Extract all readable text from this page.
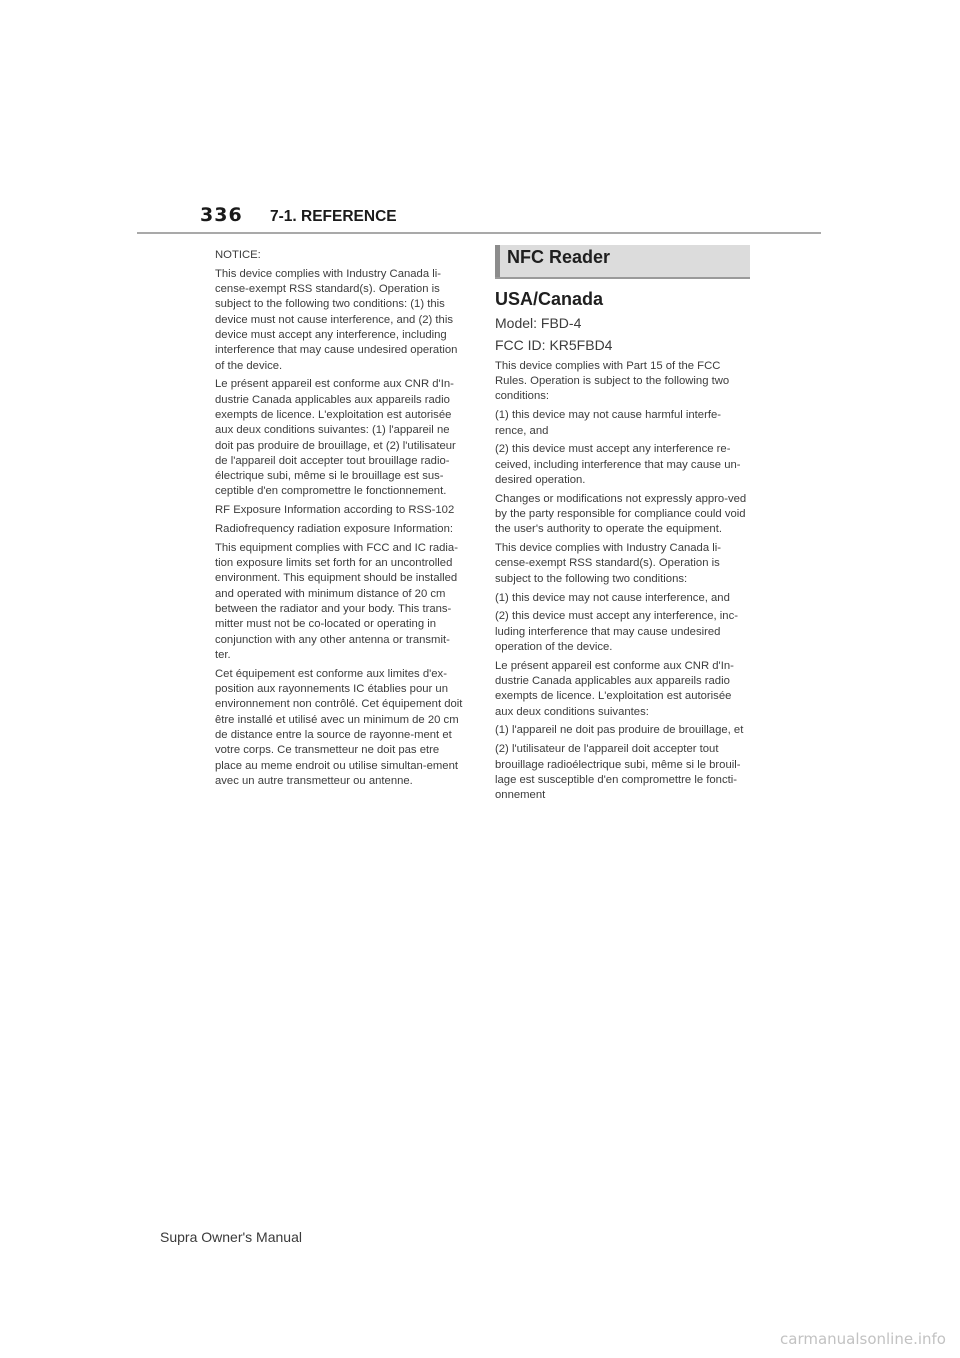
336 7-1. REFERENCE

NOTICE:

This device complies with Industry Canada li-cense-exempt RSS standard(s). Operation is subject to the following two conditions: (1) this device must not cause interference, and (2) this device must accept any interference, including interference that may cause undesired operation of the device.

Le présent appareil est conforme aux CNR d'In-dustrie Canada applicables aux appareils radio exempts de licence. L'exploitation est autorisée aux deux conditions suivantes: (1) l'appareil ne doit pas produire de brouillage, et (2) l'utilisateur de l'appareil doit accepter tout brouillage radio-électrique subi, même si le brouillage est sus-ceptible d'en compromettre le fonctionnement.

RF Exposure Information according to RSS-102

Radiofrequency radiation exposure Information:

This equipment complies with FCC and IC radia-tion exposure limits set forth for an uncontrolled environment. This equipment should be installed and operated with minimum distance of 20 cm between the radiator and your body. This trans-mitter must not be co-located or operating in conjunction with any other antenna or transmit-ter.

Cet équipement est conforme aux limites d'ex-position aux rayonnements IC établies pour un environnement non contrôlé. Cet équipement doit être installé et utilisé avec un minimum de 20 cm de distance entre la source de rayonne-ment et votre corps. Ce transmetteur ne doit pas etre place au meme endroit ou utilise simultan-ement avec un autre transmetteur ou antenne.

NFC Reader
USA/Canada
Model: FBD-4
FCC ID: KR5FBD4

This device complies with Part 15 of the FCC Rules. Operation is subject to the following two conditions:

(1) this device may not cause harmful interfe-rence, and

(2) this device must accept any interference re-ceived, including interference that may cause un-desired operation.

Changes or modifications not expressly appro-ved by the party responsible for compliance could void the user's authority to operate the equipment.

This device complies with Industry Canada li-cense-exempt RSS standard(s). Operation is subject to the following two conditions:

(1) this device may not cause interference, and

(2) this device must accept any interference, inc-luding interference that may cause undesired operation of the device.

Le présent appareil est conforme aux CNR d'In-dustrie Canada applicables aux appareils radio exempts de licence. L'exploitation est autorisée aux deux conditions suivantes:

(1) l'appareil ne doit pas produire de brouillage, et

(2) l'utilisateur de l'appareil doit accepter tout brouillage radioélectrique subi, même si le brouil-lage est susceptible d'en compromettre le foncti-onnement

Supra Owner's Manual
carmanualsonline.info
